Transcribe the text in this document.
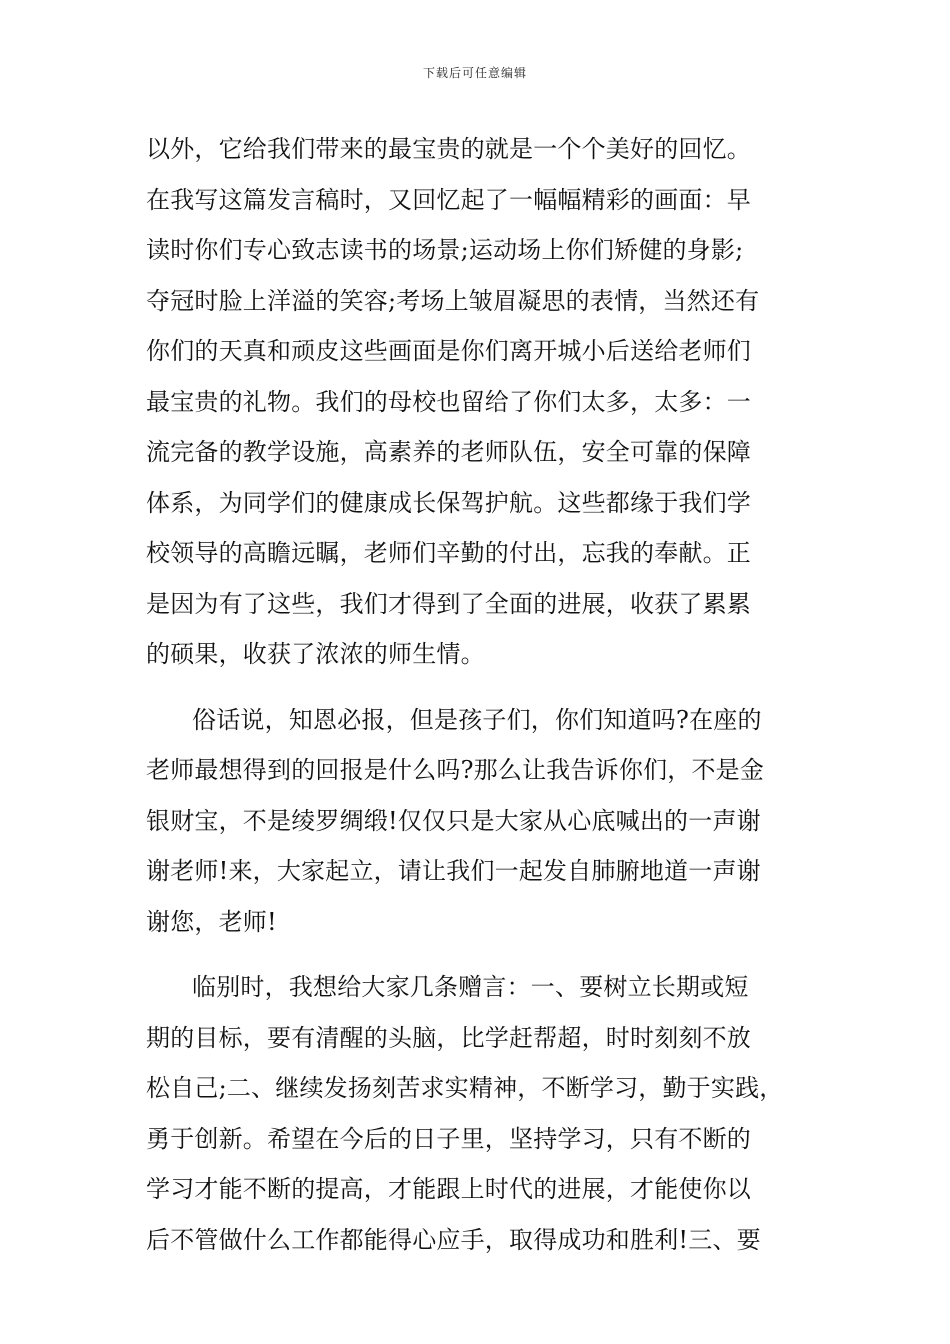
下载后可任意编辑
以外，它给我们带来的最宝贵的就是一个个美好的回忆。
在我写这篇发言稿时，又回忆起了一幅幅精彩的画面：早
读时你们专心致志读书的场景;运动场上你们矫健的身影;
夺冠时脸上洋溢的笑容;考场上皱眉凝思的表情，当然还有
你们的天真和顽皮这些画面是你们离开城小后送给老师们
最宝贵的礼物。我们的母校也留给了你们太多，太多：一
流完备的教学设施，高素养的老师队伍，安全可靠的保障
体系，为同学们的健康成长保驾护航。这些都缘于我们学
校领导的高瞻远瞩，老师们辛勤的付出，忘我的奉献。正
是因为有了这些，我们才得到了全面的进展，收获了累累
的硕果，收获了浓浓的师生情。
俗话说，知恩必报，但是孩子们，你们知道吗?在座的
老师最想得到的回报是什么吗?那么让我告诉你们，不是金
银财宝，不是绫罗绸缎!仅仅只是大家从心底喊出的一声谢
谢老师!来，大家起立，请让我们一起发自肺腑地道一声谢
谢您，老师!
临别时，我想给大家几条赠言：一、要树立长期或短
期的目标，要有清醒的头脑，比学赶帮超，时时刻刻不放
松自己;二、继续发扬刻苦求实精神，不断学习，勤于实践，
勇于创新。希望在今后的日子里，坚持学习，只有不断的
学习才能不断的提高，才能跟上时代的进展，才能使你以
后不管做什么工作都能得心应手，取得成功和胜利!三、要
